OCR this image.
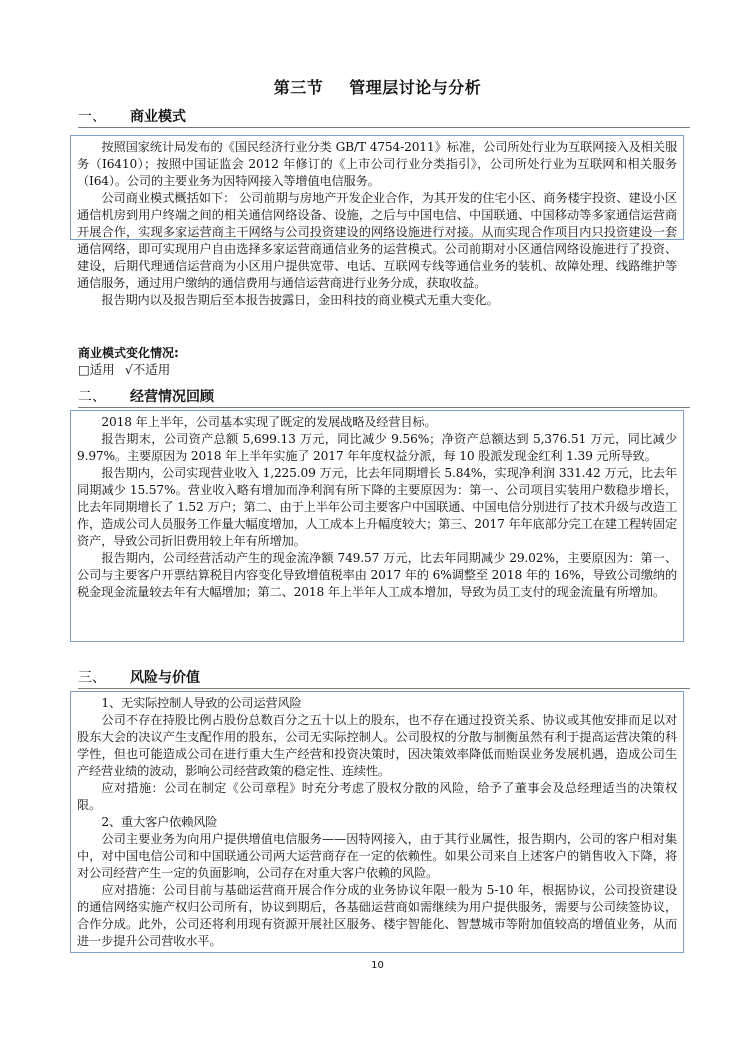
第三节 管理层讨论与分析
一、 商业模式

按照国家统计局发布的《国民经济行业分类 GB/T 4754-2011》标准，公司所处行业为互联网接入及相关服务（I6410）；按照中国证监会 2012 年修订的《上市公司行业分类指引》，公司所处行业为互联网和相关服务（I64）。公司的主要业务为因特网接入等增值电信服务。

公司商业模式概括如下： 公司前期与房地产开发企业合作，为其开发的住宅小区、商务楼宇投资、建设小区通信机房到用户终端之间的相关通信网络设备、设施，之后与中国电信、中国联通、中国移动等多家通信运营商开展合作，实现多家运营商主干网络与公司投资建设的网络设施进行对接。从而实现合作项目内只投资建设一套通信网络，即可实现用户自由选择多家运营商通信业务的运营模式。公司前期对小区通信网络设施进行了投资、建设，后期代理通信运营商为小区用户提供宽带、电话、互联网专线等通信业务的装机、故障处理、线路维护等通信服务，通过用户缴纳的通信费用与通信运营商进行业务分成，获取收益。

报告期内以及报告期后至本报告披露日，金田科技的商业模式无重大变化。

商业模式变化情况:
□适用 √不适用
二、 经营情况回顾

2018 年上半年，公司基本实现了既定的发展战略及经营目标。

报告期末，公司资产总额 5,699.13 万元，同比减少 9.56%；净资产总额达到 5,376.51 万元，同比减少 9.97%。主要原因为 2018 年上半年实施了 2017 年年度权益分派，每 10 股派发现金红利 1.39 元所导致。

报告期内，公司实现营业收入 1,225.09 万元，比去年同期增长 5.84%，实现净利润 331.42 万元，比去年同期减少 15.57%。营业收入略有增加而净利润有所下降的主要原因为：第一、公司项目实装用户数稳步增长，比去年同期增长了 1.52 万户；第二、由于上半年公司主要客户中国联通、中国电信分别进行了技术升级与改造工作，造成公司人员服务工作量大幅度增加，人工成本上升幅度较大；第三、2017 年年底部分完工在建工程转固定资产，导致公司折旧费用较上年有所增加。

报告期内，公司经营活动产生的现金流净额 749.57 万元，比去年同期减少 29.02%，主要原因为：第一、公司与主要客户开票结算税目内容变化导致增值税率由 2017 年的 6%调整至 2018 年的 16%，导致公司缴纳的税金现金流量较去年有大幅增加；第二、2018 年上半年人工成本增加，导致为员工支付的现金流量有所增加。

三、 风险与价值

1、无实际控制人导致的公司运营风险

公司不存在持股比例占股份总数百分之五十以上的股东，也不存在通过投资关系、协议或其他安排而足以对股东大会的决议产生支配作用的股东，公司无实际控制人。公司股权的分散与制衡虽然有利于提高运营决策的科学性，但也可能造成公司在进行重大生产经营和投资决策时，因决策效率降低而贻误业务发展机遇，造成公司生产经营业绩的波动，影响公司经营政策的稳定性、连续性。

应对措施：公司在制定《公司章程》时充分考虑了股权分散的风险，给予了董事会及总经理适当的决策权限。

2、重大客户依赖风险

公司主要业务为向用户提供增值电信服务——因特网接入，由于其行业属性，报告期内，公司的客户相对集中，对中国电信公司和中国联通公司两大运营商存在一定的依赖性。如果公司来自上述客户的销售收入下降，将对公司经营产生一定的负面影响，公司存在对重大客户依赖的风险。

应对措施：公司目前与基础运营商开展合作分成的业务协议年限一般为 5-10 年，根据协议，公司投资建设的通信网络实施产权归公司所有，协议到期后，各基础运营商如需继续为用户提供服务，需要与公司续签协议，合作分成。此外，公司还将利用现有资源开展社区服务、楼宇智能化、智慧城市等附加值较高的增值业务，从而进一步提升公司营收水平。

10
